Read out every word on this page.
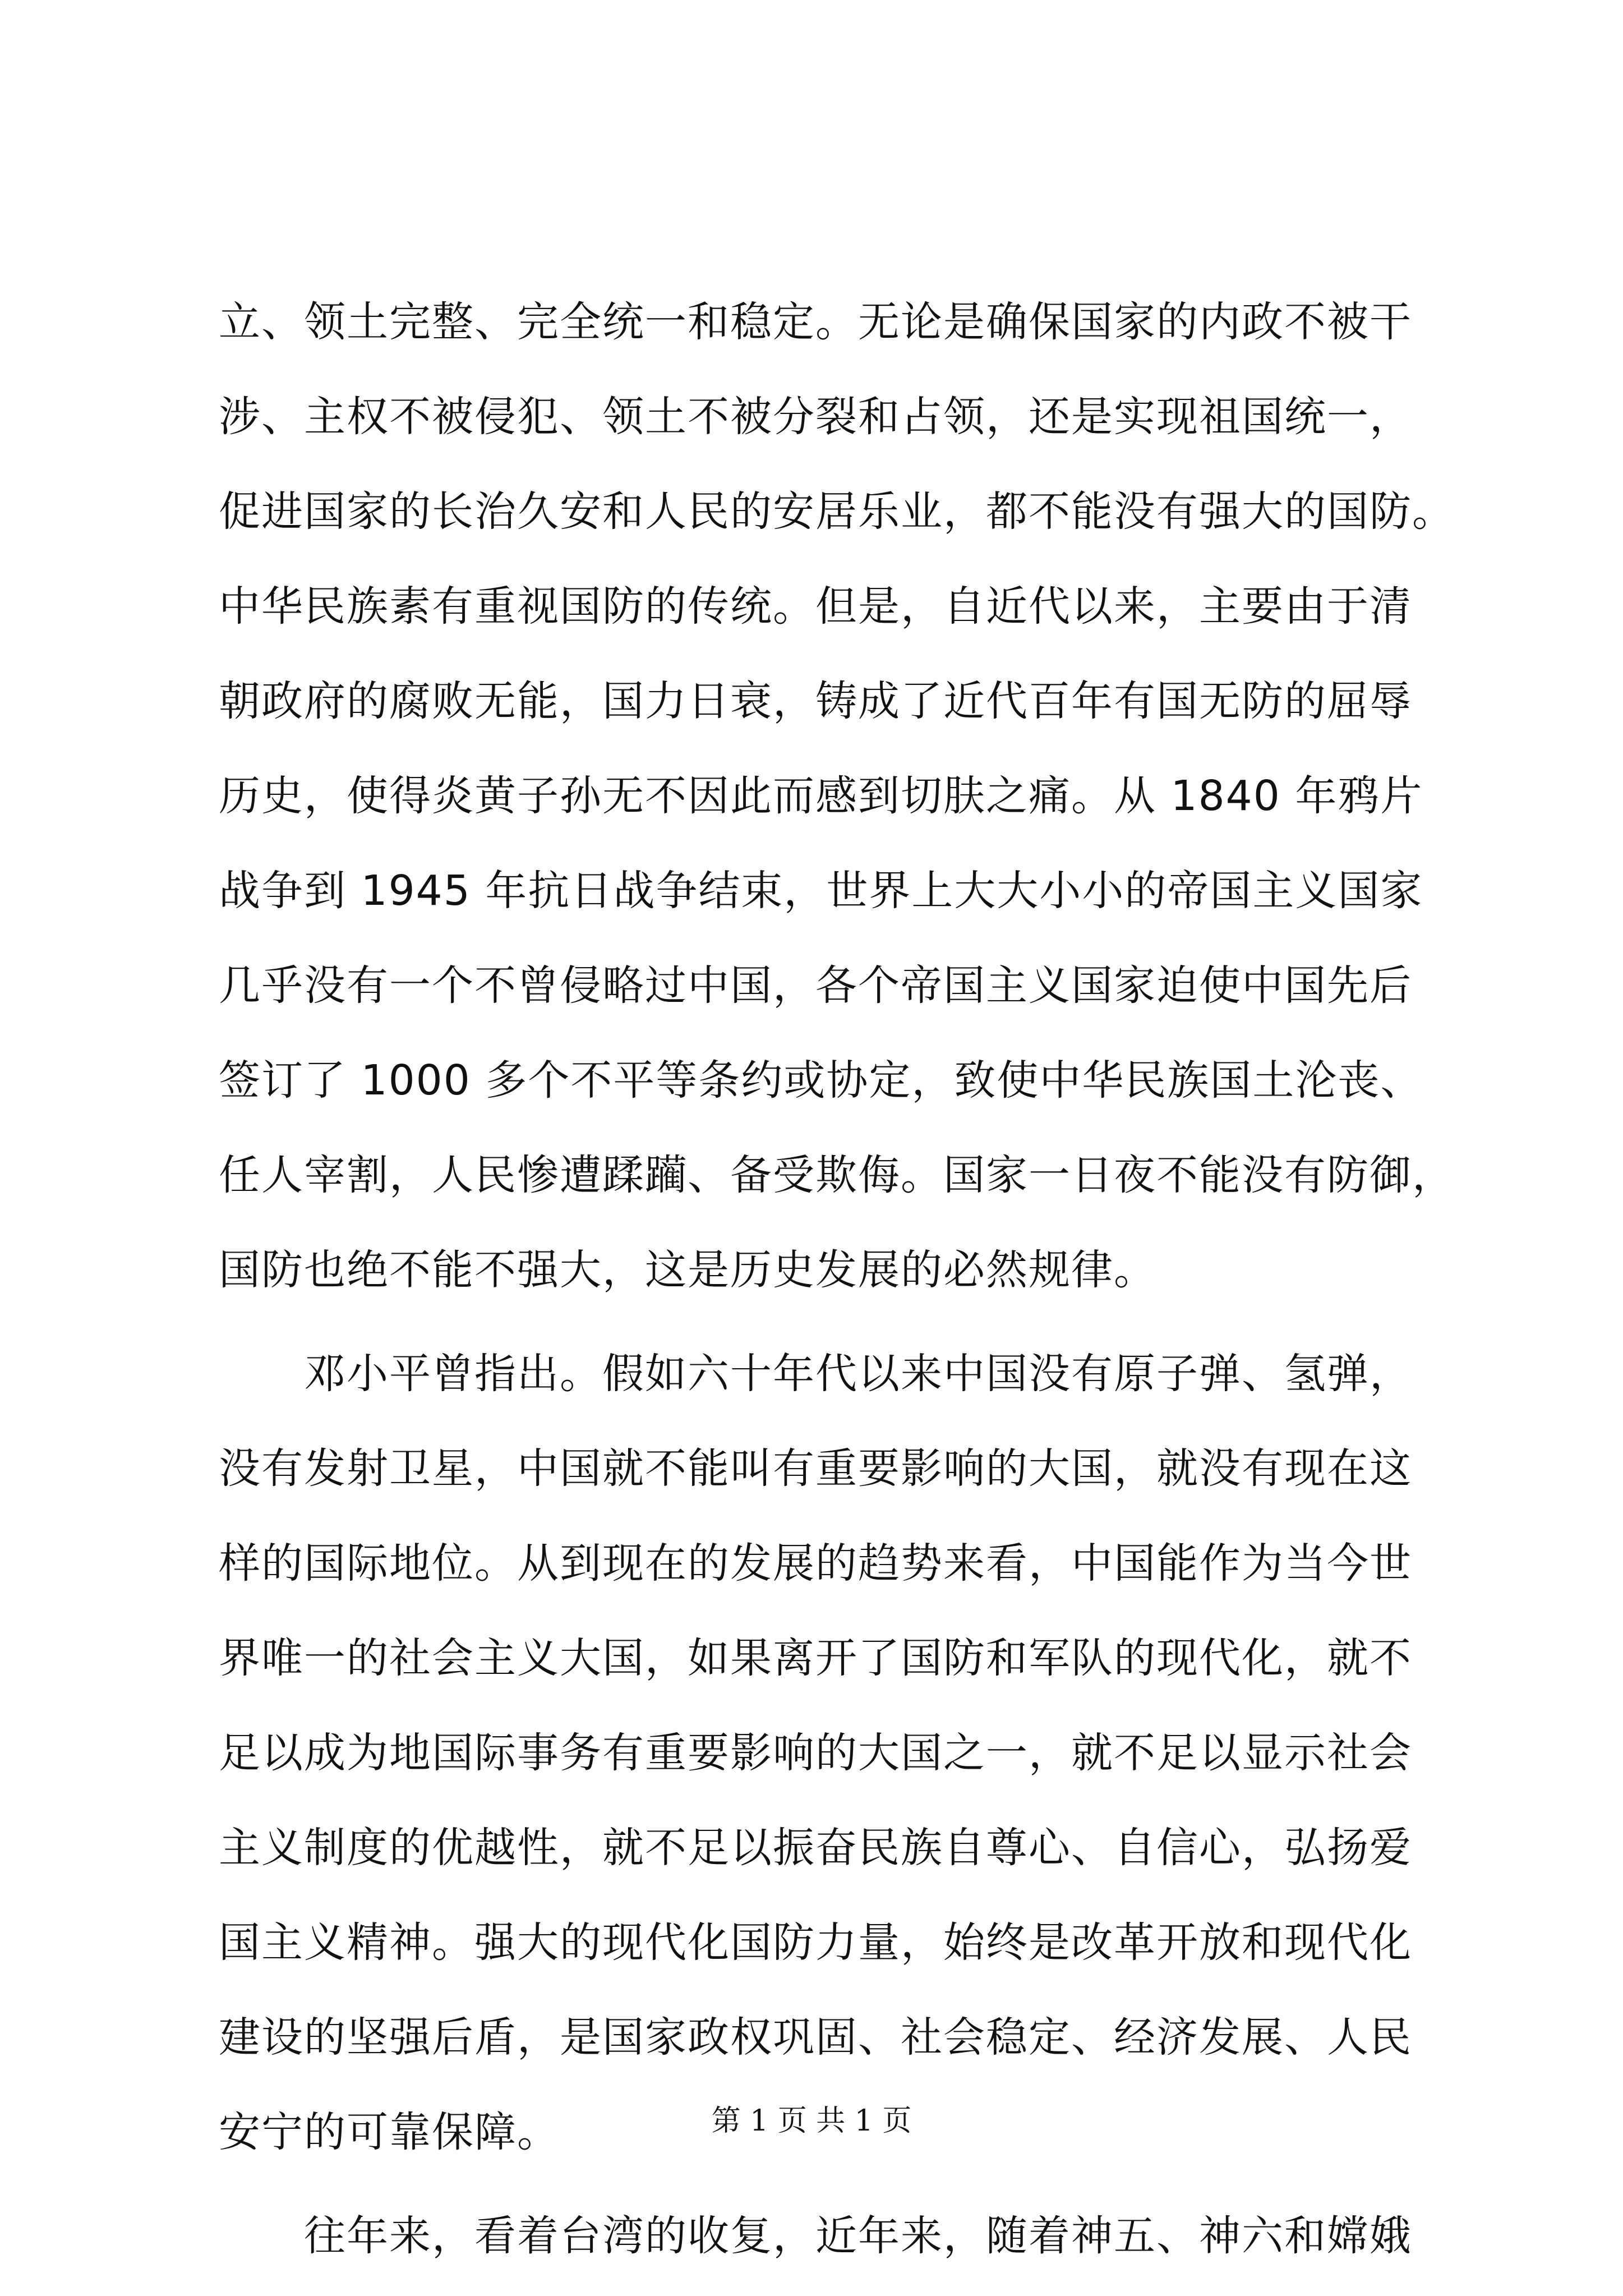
立、领土完整、完全统一和稳定。无论是确保国家的内政不被干
涉、主权不被侵犯、领土不被分裂和占领，还是实现祖国统一，
促进国家的长治久安和人民的安居乐业，都不能没有强大的国防。
中华民族素有重视国防的传统。但是，自近代以来，主要由于清
朝政府的腐败无能，国力日衰，铸成了近代百年有国无防的屈辱
历史，使得炎黄子孙无不因此而感到切肤之痛。从 1840 年鸦片
战争到 1945 年抗日战争结束，世界上大大小小的帝国主义国家
几乎没有一个不曾侵略过中国，各个帝国主义国家迫使中国先后
签订了 1000 多个不平等条约或协定，致使中华民族国土沦丧、
任人宰割，人民惨遭蹂躏、备受欺侮。国家一日夜不能没有防御，
国防也绝不能不强大，这是历史发展的必然规律。
　　邓小平曾指出。假如六十年代以来中国没有原子弹、氢弹，
没有发射卫星，中国就不能叫有重要影响的大国，就没有现在这
样的国际地位。从到现在的发展的趋势来看，中国能作为当今世
界唯一的社会主义大国，如果离开了国防和军队的现代化，就不
足以成为地国际事务有重要影响的大国之一，就不足以显示社会
主义制度的优越性，就不足以振奋民族自尊心、自信心，弘扬爱
国主义精神。强大的现代化国防力量，始终是改革开放和现代化
建设的坚强后盾，是国家政权巩固、社会稳定、经济发展、人民
安宁的可靠保障。
　　往年来，看着台湾的收复，近年来，随着神五、神六和嫦娥
第 1 页 共 1 页
